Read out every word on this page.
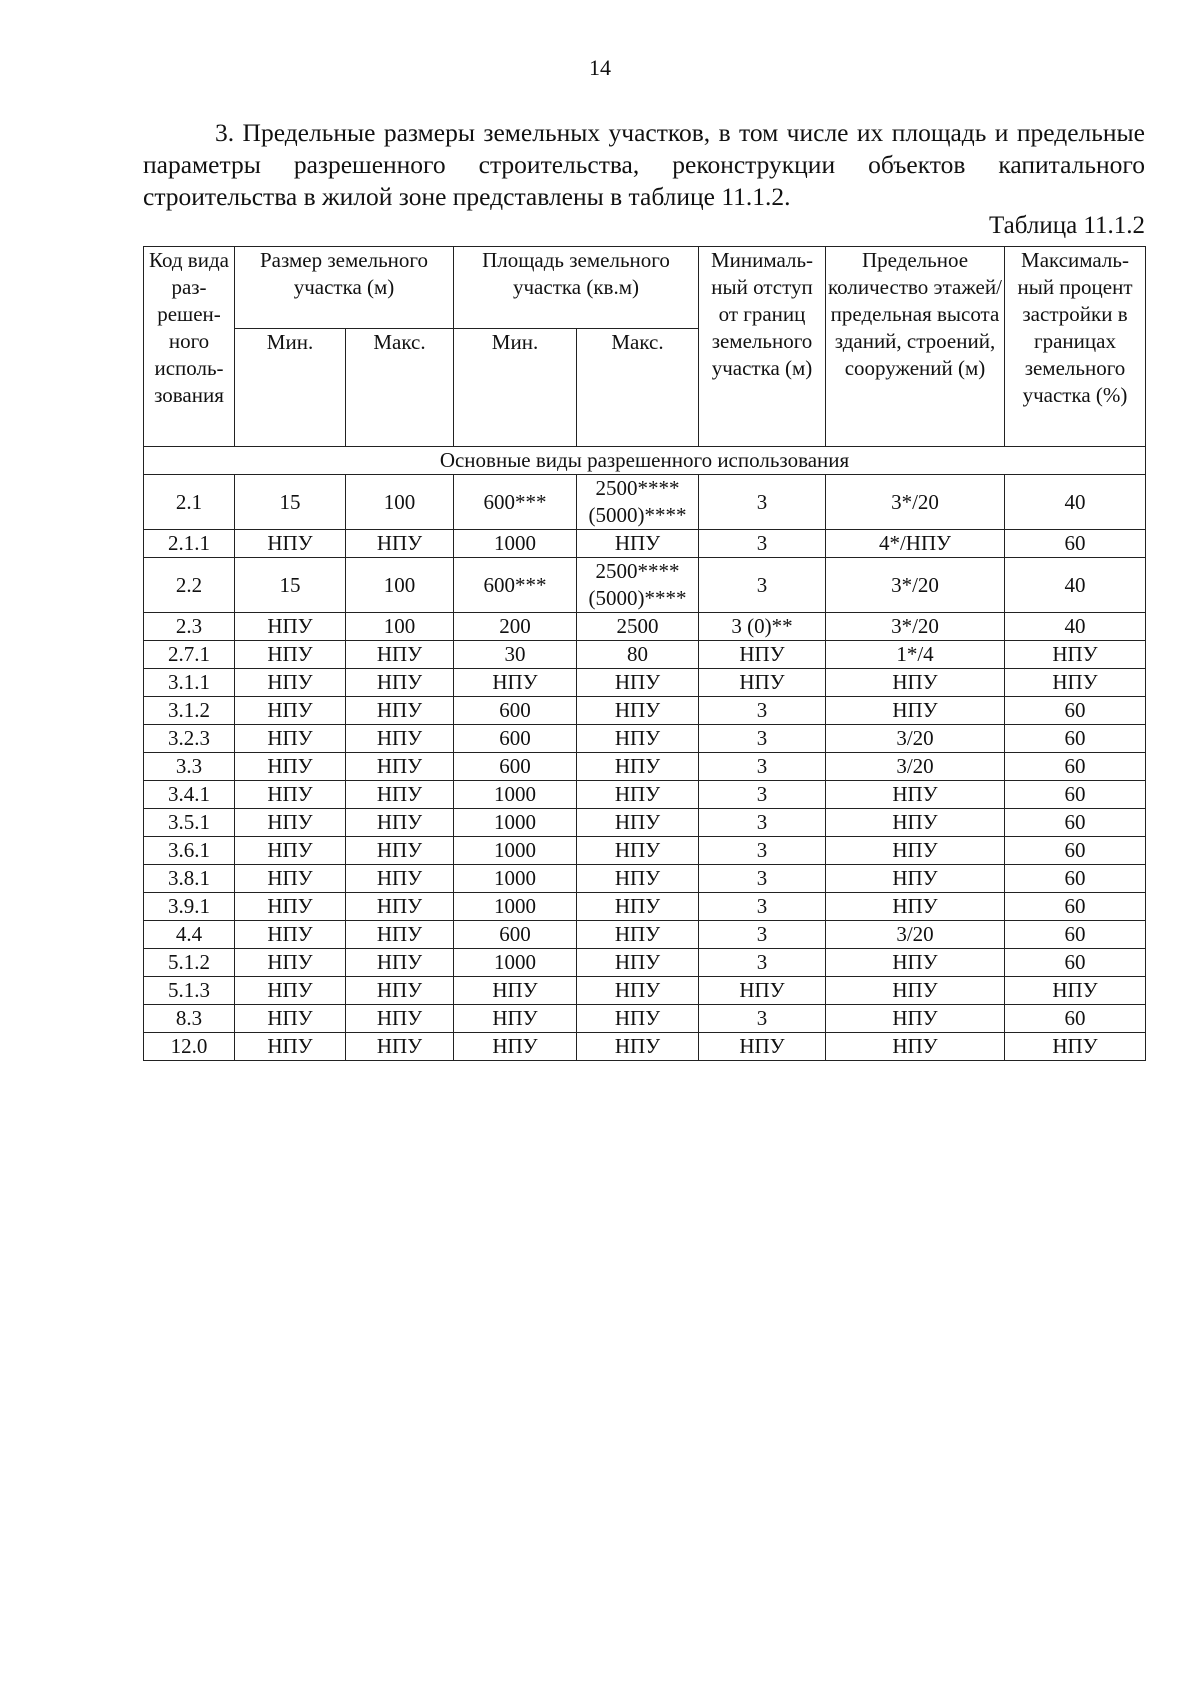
14

3. Предельные размеры земельных участков, в том числе их площадь и предельные параметры разрешенного строительства, реконструкции объектов капитального строительства в жилой зоне представлены в таблице 11.1.2.

Таблица 11.1.2
Код вида раз-решен-ного исполь-зования	Размер земельного участка (м)		Площадь земельного участка (кв.м)		Минималь-ный отступ от границ земельного участка (м)	Предельное количество этажей/ предельная высота зданий, строений, сооружений (м)	Максималь-ный процент застройки в границах земельного участка (%)
	Мин.	Макс.	Мин.	Макс.			
Основные виды разрешенного использования							
2.1	15	100	600***	2500**** (5000)****	3	3*/20	40
2.1.1	НПУ	НПУ	1000	НПУ	3	4*/НПУ	60
2.2	15	100	600***	2500**** (5000)****	3	3*/20	40
2.3	НПУ	100	200	2500	3 (0)**	3*/20	40
2.7.1	НПУ	НПУ	30	80	НПУ	1*/4	НПУ
3.1.1	НПУ	НПУ	НПУ	НПУ	НПУ	НПУ	НПУ
3.1.2	НПУ	НПУ	600	НПУ	3	НПУ	60
3.2.3	НПУ	НПУ	600	НПУ	3	3/20	60
3.3	НПУ	НПУ	600	НПУ	3	3/20	60
3.4.1	НПУ	НПУ	1000	НПУ	3	НПУ	60
3.5.1	НПУ	НПУ	1000	НПУ	3	НПУ	60
3.6.1	НПУ	НПУ	1000	НПУ	3	НПУ	60
3.8.1	НПУ	НПУ	1000	НПУ	3	НПУ	60
3.9.1	НПУ	НПУ	1000	НПУ	3	НПУ	60
4.4	НПУ	НПУ	600	НПУ	3	3/20	60
5.1.2	НПУ	НПУ	1000	НПУ	3	НПУ	60
5.1.3	НПУ	НПУ	НПУ	НПУ	НПУ	НПУ	НПУ
8.3	НПУ	НПУ	НПУ	НПУ	3	НПУ	60
12.0	НПУ	НПУ	НПУ	НПУ	НПУ	НПУ	НПУ
